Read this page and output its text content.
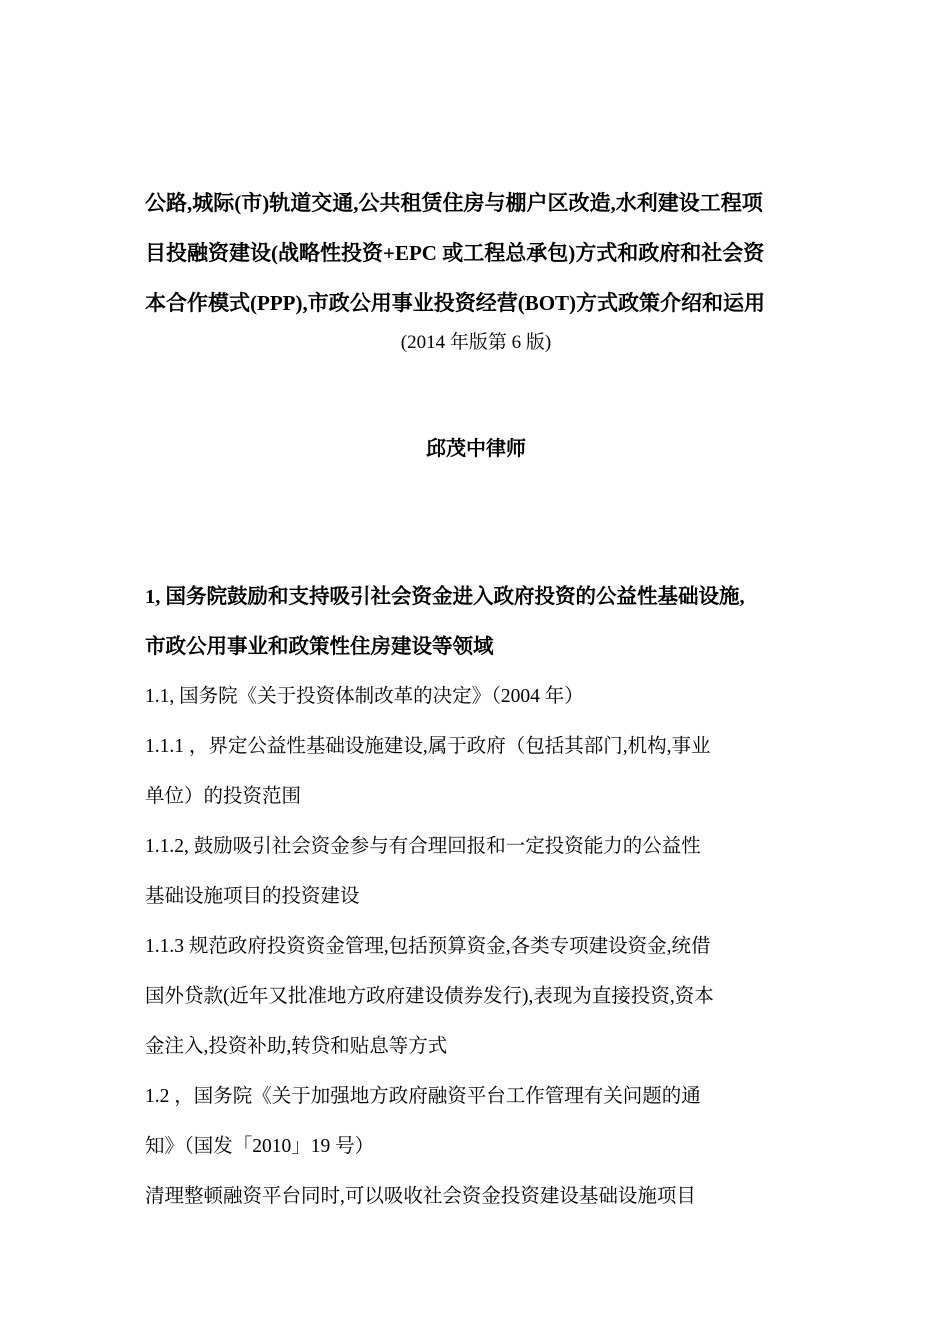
公路,城际(市)轨道交通,公共租赁住房与棚户区改造,水利建设工程项
目投融资建设(战略性投资+EPC 或工程总承包)方式和政府和社会资
本合作模式(PPP),市政公用事业投资经营(BOT)方式政策介绍和运用

(2014 年版第 6 版)

邱茂中律师

1, 国务院鼓励和支持吸引社会资金进入政府投资的公益性基础设施,
市政公用事业和政策性住房建设等领域
1.1, 国务院《关于投资体制改革的决定》（2004 年）
1.1.1 ，界定公益性基础设施建设,属于政府（包括其部门,机构,事业
单位）的投资范围
1.1.2, 鼓励吸引社会资金参与有合理回报和一定投资能力的公益性
基础设施项目的投资建设
1.1.3 规范政府投资资金管理,包括预算资金,各类专项建设资金,统借
国外贷款(近年又批准地方政府建设债券发行),表现为直接投资,资本
金注入,投资补助,转贷和贴息等方式
1.2 ，国务院《关于加强地方政府融资平台工作管理有关问题的通
知》（国发「2010」19 号）
清理整顿融资平台同时,可以吸收社会资金投资建设基础设施项目
